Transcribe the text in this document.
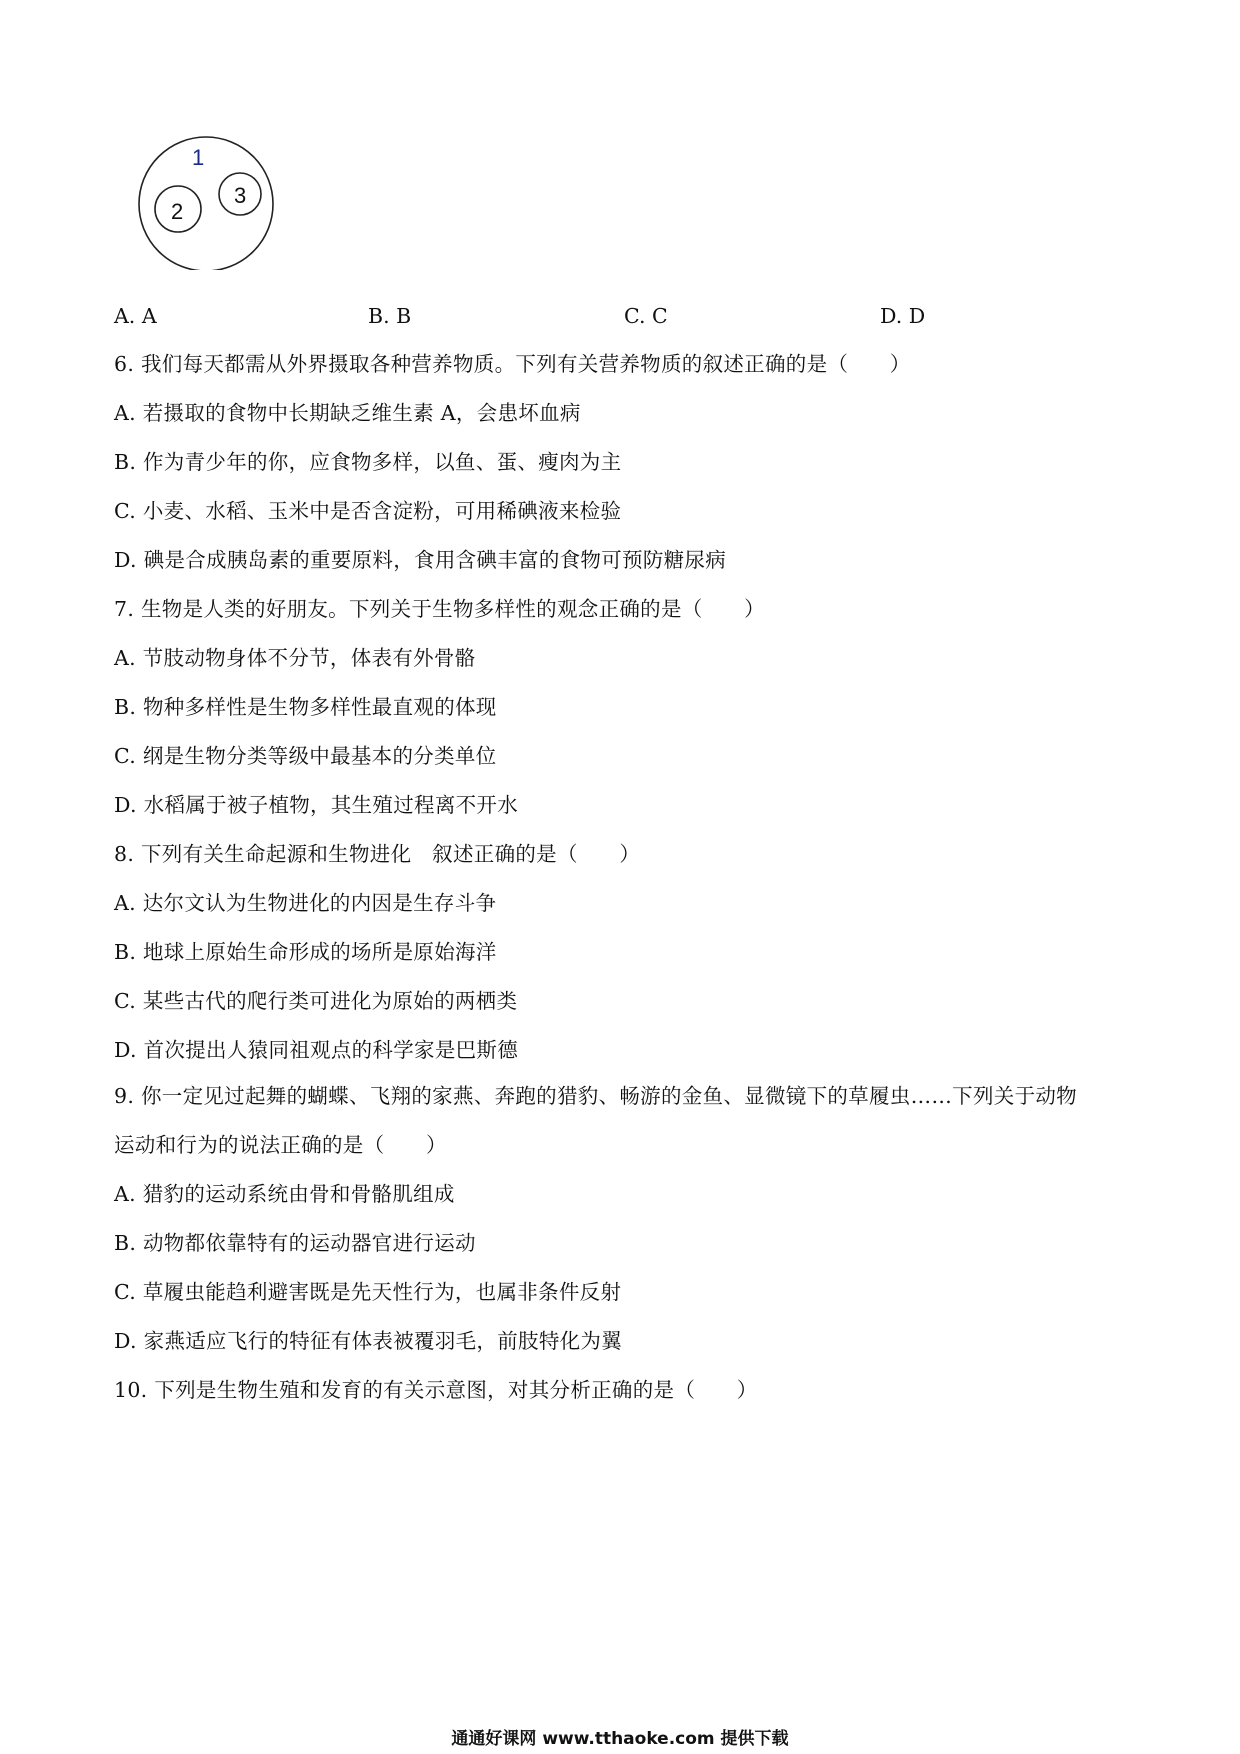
1
2
3
A. A	B. B	C. C	D. D
6. 我们每天都需从外界摄取各种营养物质。下列有关营养物质的叙述正确的是（　　）
A. 若摄取的食物中长期缺乏维生素 A，会患坏血病
B. 作为青少年的你，应食物多样，以鱼、蛋、瘦肉为主
C. 小麦、水稻、玉米中是否含淀粉，可用稀碘液来检验
D. 碘是合成胰岛素的重要原料，食用含碘丰富的食物可预防糖尿病
7. 生物是人类的好朋友。下列关于生物多样性的观念正确的是（　　）
A. 节肢动物身体不分节，体表有外骨骼
B. 物种多样性是生物多样性最直观的体现
C. 纲是生物分类等级中最基本的分类单位
D. 水稻属于被子植物，其生殖过程离不开水
8. 下列有关生命起源和生物进化　叙述正确的是（　　）
A. 达尔文认为生物进化的内因是生存斗争
B. 地球上原始生命形成的场所是原始海洋
C. 某些古代的爬行类可进化为原始的两栖类
D. 首次提出人猿同祖观点的科学家是巴斯德
9. 你一定见过起舞的蝴蝶、飞翔的家燕、奔跑的猎豹、畅游的金鱼、显微镜下的草履虫……下列关于动物
运动和行为的说法正确的是（　　）
A. 猎豹的运动系统由骨和骨骼肌组成
B. 动物都依靠特有的运动器官进行运动
C. 草履虫能趋利避害既是先天性行为，也属非条件反射
D. 家燕适应飞行的特征有体表被覆羽毛，前肢特化为翼
10. 下列是生物生殖和发育的有关示意图，对其分析正确的是（　　）
通通好课网 www.tthaoke.com 提供下载
